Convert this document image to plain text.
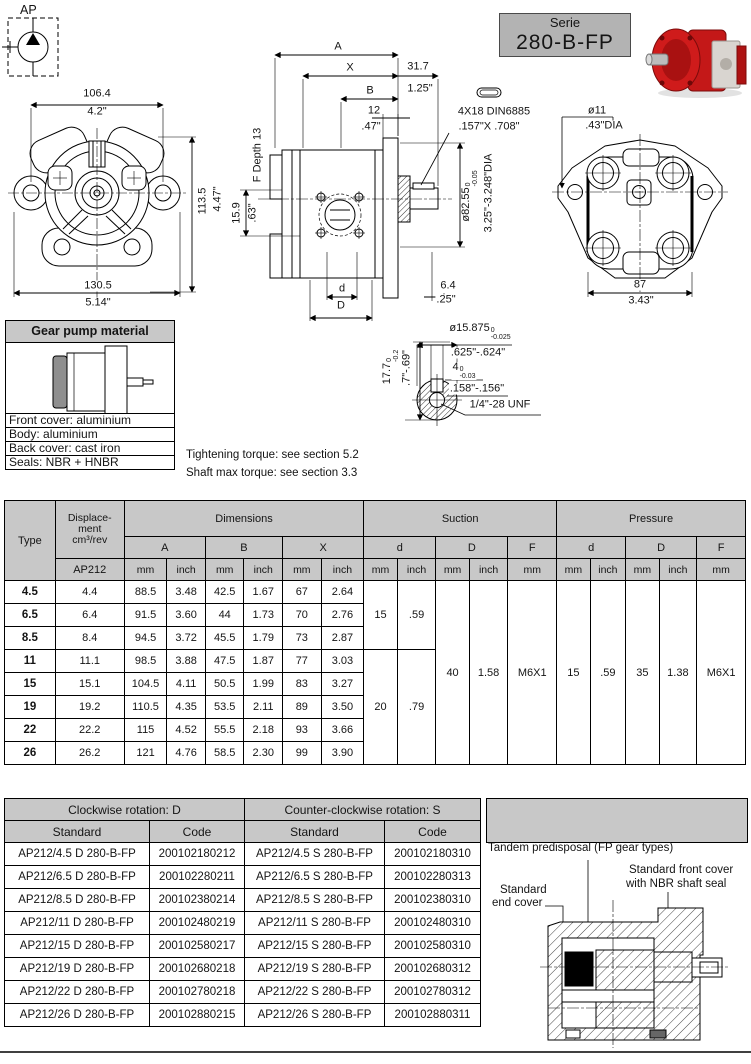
AP
Serie
280-B-FP
106.4
4.2"
113.5 4.47"
130.5
5.14"
A
X	31.7
1.25"
B
12
.47"
4X18 DIN6885
.157"X .708"
F Depth 13
15.9 .63"
d
D
6.4
.25"
ø82.55
0 -0.05 3.25"-3.248"DIA
ø11
.43"DIA
87
3.43"
ø15.875 0
-0.025
.625"-.624"
4 0
-0.03
.158"-.156"
17.7
0 -0.2 .7"-.69"
1/4"-28 UNF
Gear pump material
Front cover: aluminium
Body: aluminium
Back cover: cast iron
Seals: NBR + HNBR	Tightening torque: see section 5.2
Shaft max torque: see section 3.3
Type	Displace-
ment
cm³/rev	Dimensions						Suction					Pressure				
		A		B		X		d		D		F	d		D		F
	AP212	mm	inch	mm	inch	mm	inch	mm	inch	mm	inch	mm	mm	inch	mm	inch	mm
4.5	4.4	88.5	3.48	42.5	1.67	67	2.64	15	.59	40	1.58	M6X1	15	.59	35	1.38	M6X1
6.5	6.4	91.5	3.60	44	1.73	70	2.76										
8.5	8.4	94.5	3.72	45.5	1.79	73	2.87										
11	11.1	98.5	3.88	47.5	1.87	77	3.03	20	.79								
15	15.1	104.5	4.11	50.5	1.99	83	3.27										
19	19.2	110.5	4.35	53.5	2.11	89	3.50										
22	22.2	115	4.52	55.5	2.18	93	3.66										
26	26.2	121	4.76	58.5	2.30	99	3.90										
Clockwise rotation: D		Counter-clockwise rotation: S	
Standard	Code	Standard	Code
AP212/4.5 D 280-B-FP	200102180212	AP212/4.5 S 280-B-FP	200102180310
AP212/6.5 D 280-B-FP	200102280211	AP212/6.5 S 280-B-FP	200102280313
AP212/8.5 D 280-B-FP	200102380214	AP212/8.5 S 280-B-FP	200102380310
AP212/11 D 280-B-FP	200102480219	AP212/11 S 280-B-FP	200102480310
AP212/15 D 280-B-FP	200102580217	AP212/15 S 280-B-FP	200102580310
AP212/19 D 280-B-FP	200102680218	AP212/19 S 280-B-FP	200102680312
AP212/22 D 280-B-FP	200102780218	AP212/22 S 280-B-FP	200102780312
AP212/26 D 280-B-FP	200102880215	AP212/26 S 280-B-FP	200102880311
Tandem predisposal (FP gear types)
Standard front cover
with NBR shaft seal
Standard
end cover
